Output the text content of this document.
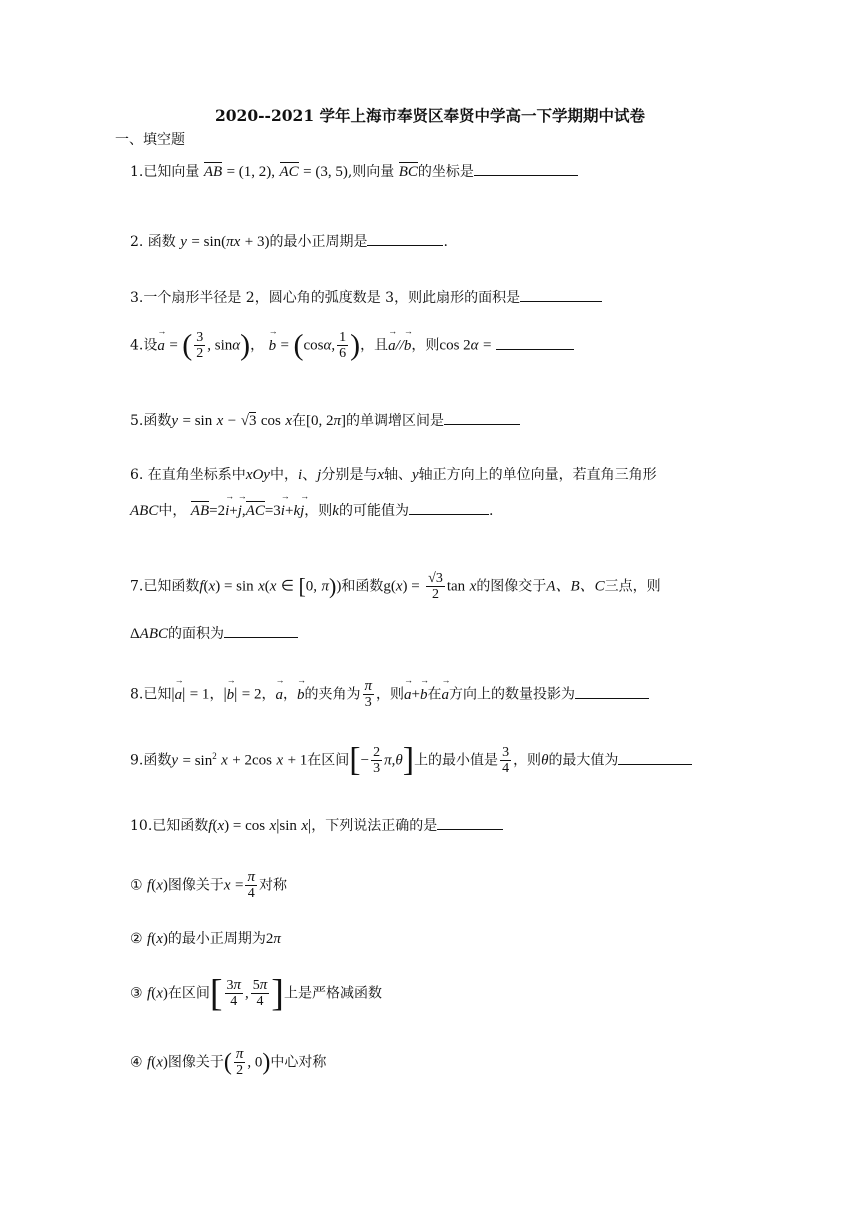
2020--2021 学年上海市奉贤区奉贤中学高一下学期期中试卷
一、填空题
1.已知向量 AB = (1, 2), AC = (3, 5),则向量 BC的坐标是
2. 函数 y = sin(πx + 3)的最小正周期是	.
3.一个扇形半径是 2，圆心角的弧度数是 3，则此扇形的面积是
4.设→ a = ( $\frac{3}{2}$ , sinα)， → b = (cosα, $\frac{1}{6}$ )，且→ a//→ b，则cos 2α =
5.函数y = sin x − √3 cos x在[0, 2π]的单调增区间是
6. 在直角坐标系中xOy中，i、j分别是与x轴、y轴正方向上的单位向量，若直角三角形
ABC中， AB=2→ i+→ j,AC=3→ i+k→ j，则k的可能值为	.
7.已知函数f(x) = sin x(x ∈ [0, π))和函数$g(x) = \frac{√3}{2}$ tan x的图像交于A、B、C三点，则
ΔABC的面积为
8.已知|→ a| = 1，|→ b| = 2，→ a，→ b的夹角为 $\frac{\pi}{3}$ ，则→ a+→ b在→ a方向上的数量投影为
9.函数$y = \sin^2 x + 2\cos$ x + 1在区间[− $\frac{2}{3} \pi,\theta$]上的最小值是 $\frac{3}{4}$ ，则θ的最大值为
10.已知函数f(x) = cos x|sin x|，下列说法正确的是
① f(x)图像关于$x = \frac{\pi}{4}$ 对称
② f(x)的最小正周期为2π
③ f(x)在区间[ $\frac{3\pi}{4}$ , $\frac{5\pi}{4}$ ]上是严格减函数
④ f(x)图像关于( $\frac{\pi}{2}$ , 0)中心对称
